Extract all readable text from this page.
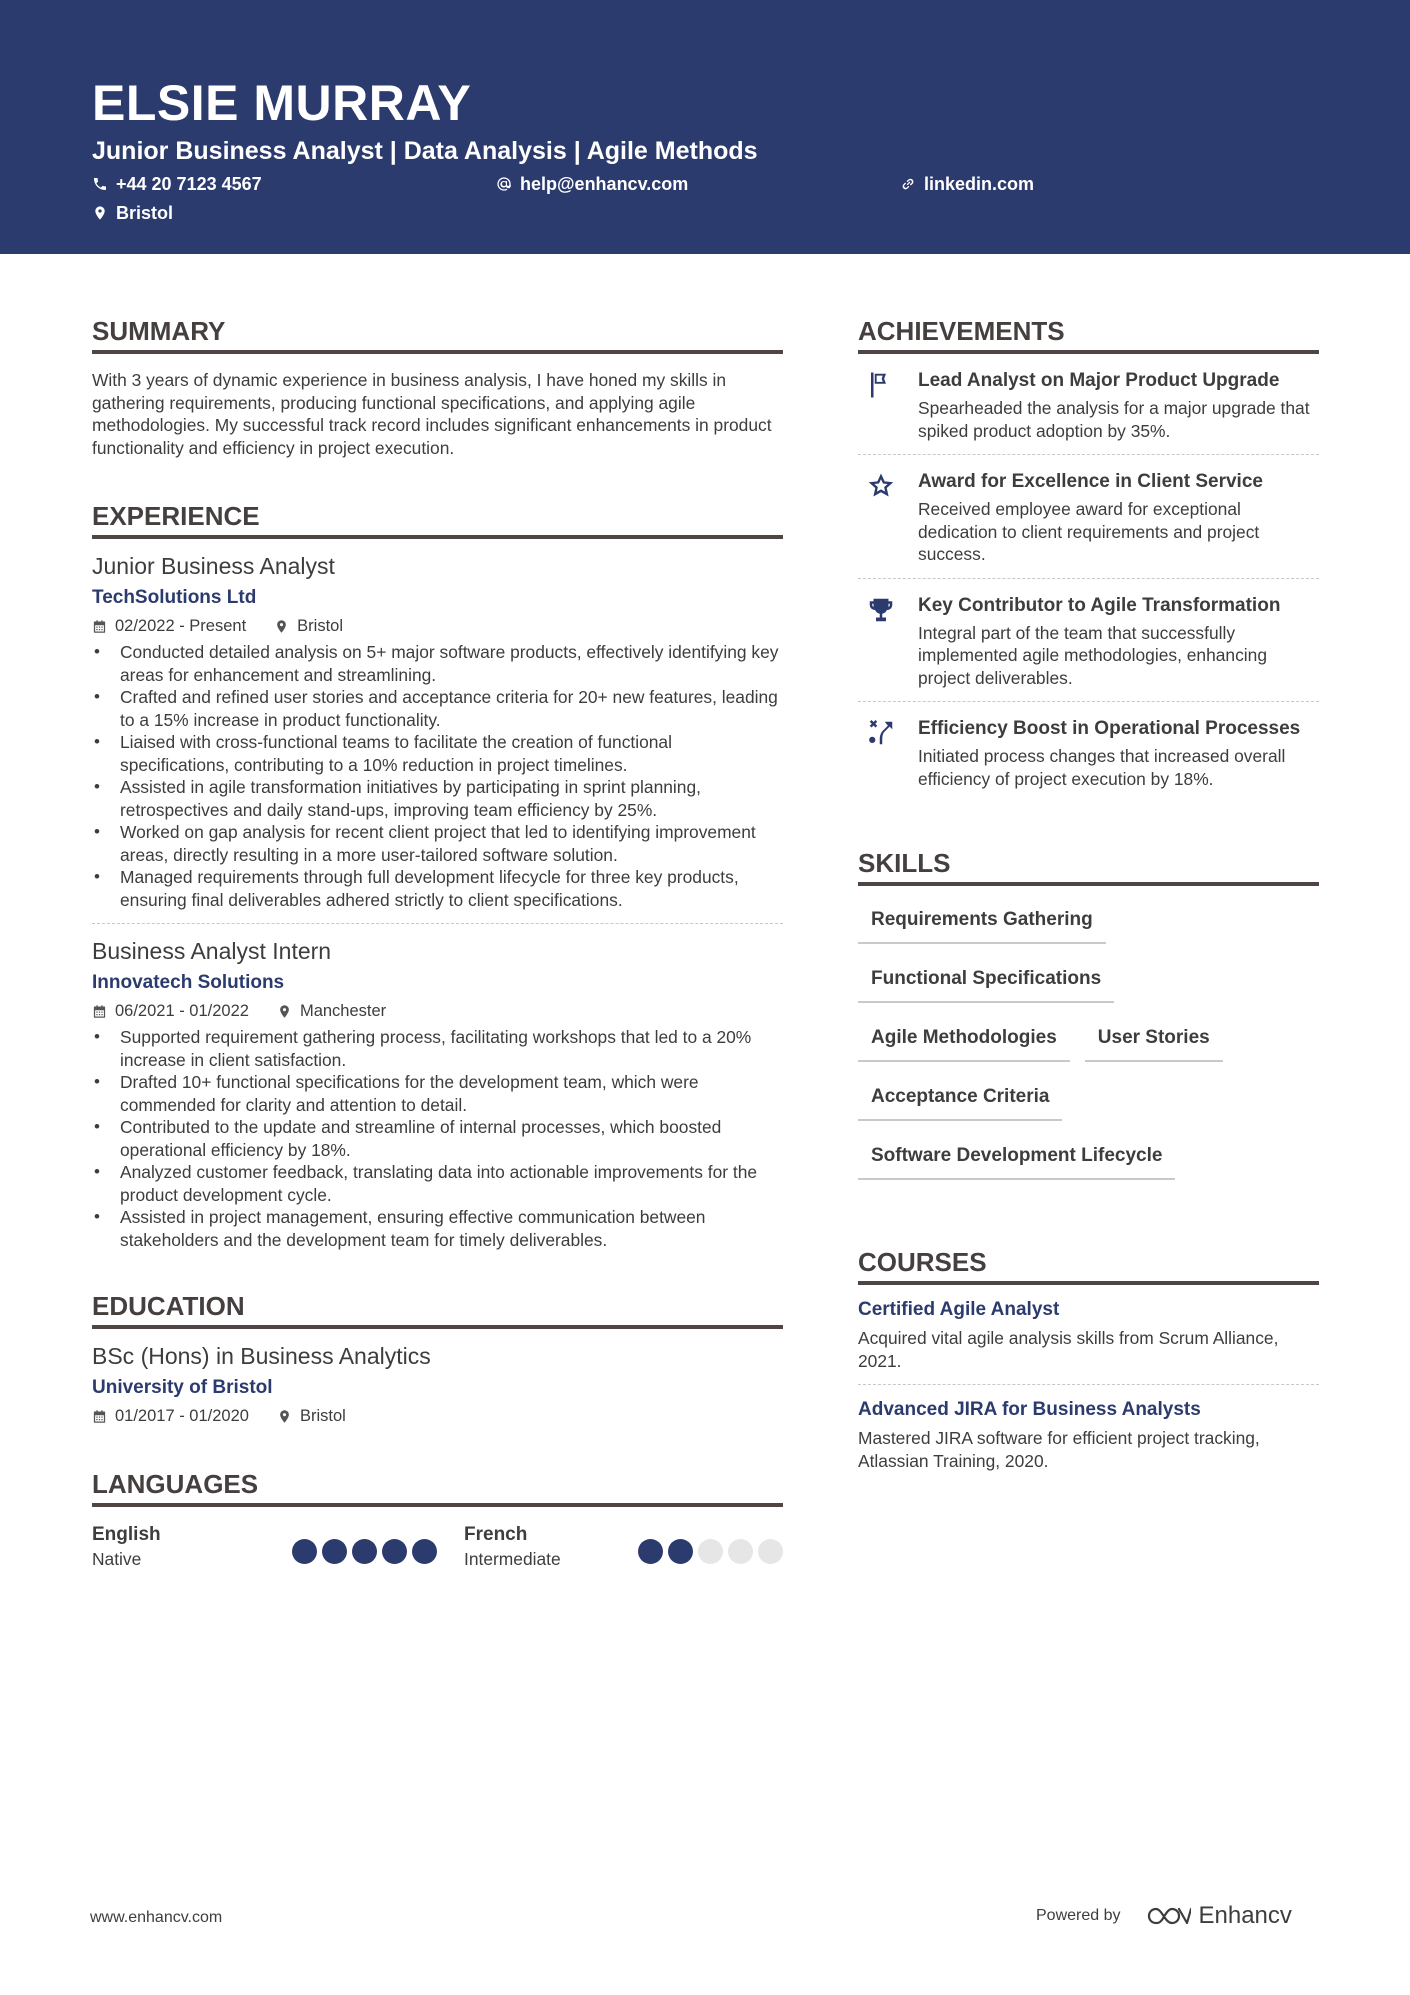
ELSIE MURRAY
Junior Business Analyst | Data Analysis | Agile Methods
+44 20 7123 4567	help@enhancv.com	linkedin.com
Bristol
SUMMARY
With 3 years of dynamic experience in business analysis, I have honed my skills in gathering requirements, producing functional specifications, and applying agile methodologies. My successful track record includes significant enhancements in product functionality and efficiency in project execution.
EXPERIENCE
Junior Business Analyst
TechSolutions Ltd
02/2022 - Present	Bristol
• Conducted detailed analysis on 5+ major software products, effectively identifying key areas for enhancement and streamlining.
• Crafted and refined user stories and acceptance criteria for 20+ new features, leading to a 15% increase in product functionality.
• Liaised with cross-functional teams to facilitate the creation of functional specifications, contributing to a 10% reduction in project timelines.
• Assisted in agile transformation initiatives by participating in sprint planning, retrospectives and daily stand-ups, improving team efficiency by 25%.
• Worked on gap analysis for recent client project that led to identifying improvement areas, directly resulting in a more user-tailored software solution.
• Managed requirements through full development lifecycle for three key products, ensuring final deliverables adhered strictly to client specifications.
Business Analyst Intern
Innovatech Solutions
06/2021 - 01/2022	Manchester
• Supported requirement gathering process, facilitating workshops that led to a 20% increase in client satisfaction.
• Drafted 10+ functional specifications for the development team, which were commended for clarity and attention to detail.
• Contributed to the update and streamline of internal processes, which boosted operational efficiency by 18%.
• Analyzed customer feedback, translating data into actionable improvements for the product development cycle.
• Assisted in project management, ensuring effective communication between stakeholders and the development team for timely deliverables.
EDUCATION
BSc (Hons) in Business Analytics
University of Bristol
01/2017 - 01/2020	Bristol
LANGUAGES
English
Native
French
Intermediate
ACHIEVEMENTS
Lead Analyst on Major Product Upgrade
Spearheaded the analysis for a major upgrade that spiked product adoption by 35%.
Award for Excellence in Client Service
Received employee award for exceptional dedication to client requirements and project success.
Key Contributor to Agile Transformation
Integral part of the team that successfully implemented agile methodologies, enhancing project deliverables.
Efficiency Boost in Operational Processes
Initiated process changes that increased overall efficiency of project execution by 18%.
SKILLS
Requirements Gathering
Functional Specifications
Agile Methodologies	User Stories
Acceptance Criteria
Software Development Lifecycle
COURSES
Certified Agile Analyst
Acquired vital agile analysis skills from Scrum Alliance, 2021.
Advanced JIRA for Business Analysts
Mastered JIRA software for efficient project tracking, Atlassian Training, 2020.
www.enhancv.com	Powered by	Enhancv
